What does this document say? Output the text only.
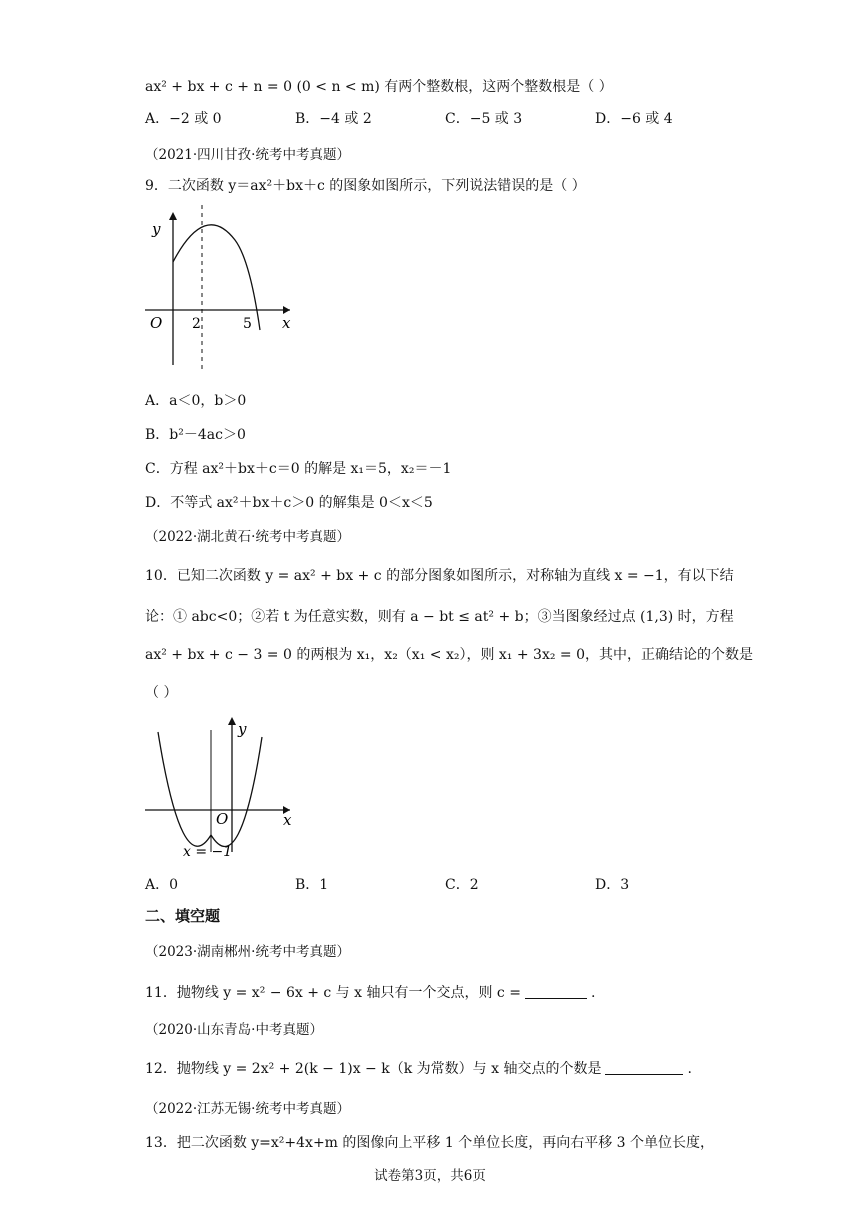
ax² + bx + c + n = 0 (0 < n < m) 有两个整数根，这两个整数根是（ ）
A．−2 或 0	B．−4 或 2	C．−5 或 3	D．−6 或 4
（2021·四川甘孜·统考中考真题）
9．二次函数 y＝ax²＋bx＋c 的图象如图所示，下列说法错误的是（ ）
y
x
O 2	5
A．a＜0，b＞0
B．b²－4ac＞0
C．方程 ax²＋bx＋c＝0 的解是 x₁＝5，x₂＝－1
D．不等式 ax²＋bx＋c＞0 的解集是 0＜x＜5
（2022·湖北黄石·统考中考真题）
10．已知二次函数 y = ax² + bx + c 的部分图象如图所示，对称轴为直线 x = −1，有以下结
论：① abc<0；②若 t 为任意实数，则有 a − bt ≤ at² + b；③当图象经过点 (1,3) 时，方程
ax² + bx + c − 3 = 0 的两根为 x₁，x₂（x₁ < x₂），则 x₁ + 3x₂ = 0，其中，正确结论的个数是
（ ）
y
x
O
x = −1
A．0	B．1	C．2	D．3
二、填空题
（2023·湖南郴州·统考中考真题）
11．抛物线 y = x² − 6x + c 与 x 轴只有一个交点，则 c =	.
（2020·山东青岛·中考真题）
12．抛物线 y = 2x² + 2(k − 1)x − k（k 为常数）与 x 轴交点的个数是	.
（2022·江苏无锡·统考中考真题）
13．把二次函数 y=x²+4x+m 的图像向上平移 1 个单位长度，再向右平移 3 个单位长度，
试卷第3页，共6页
